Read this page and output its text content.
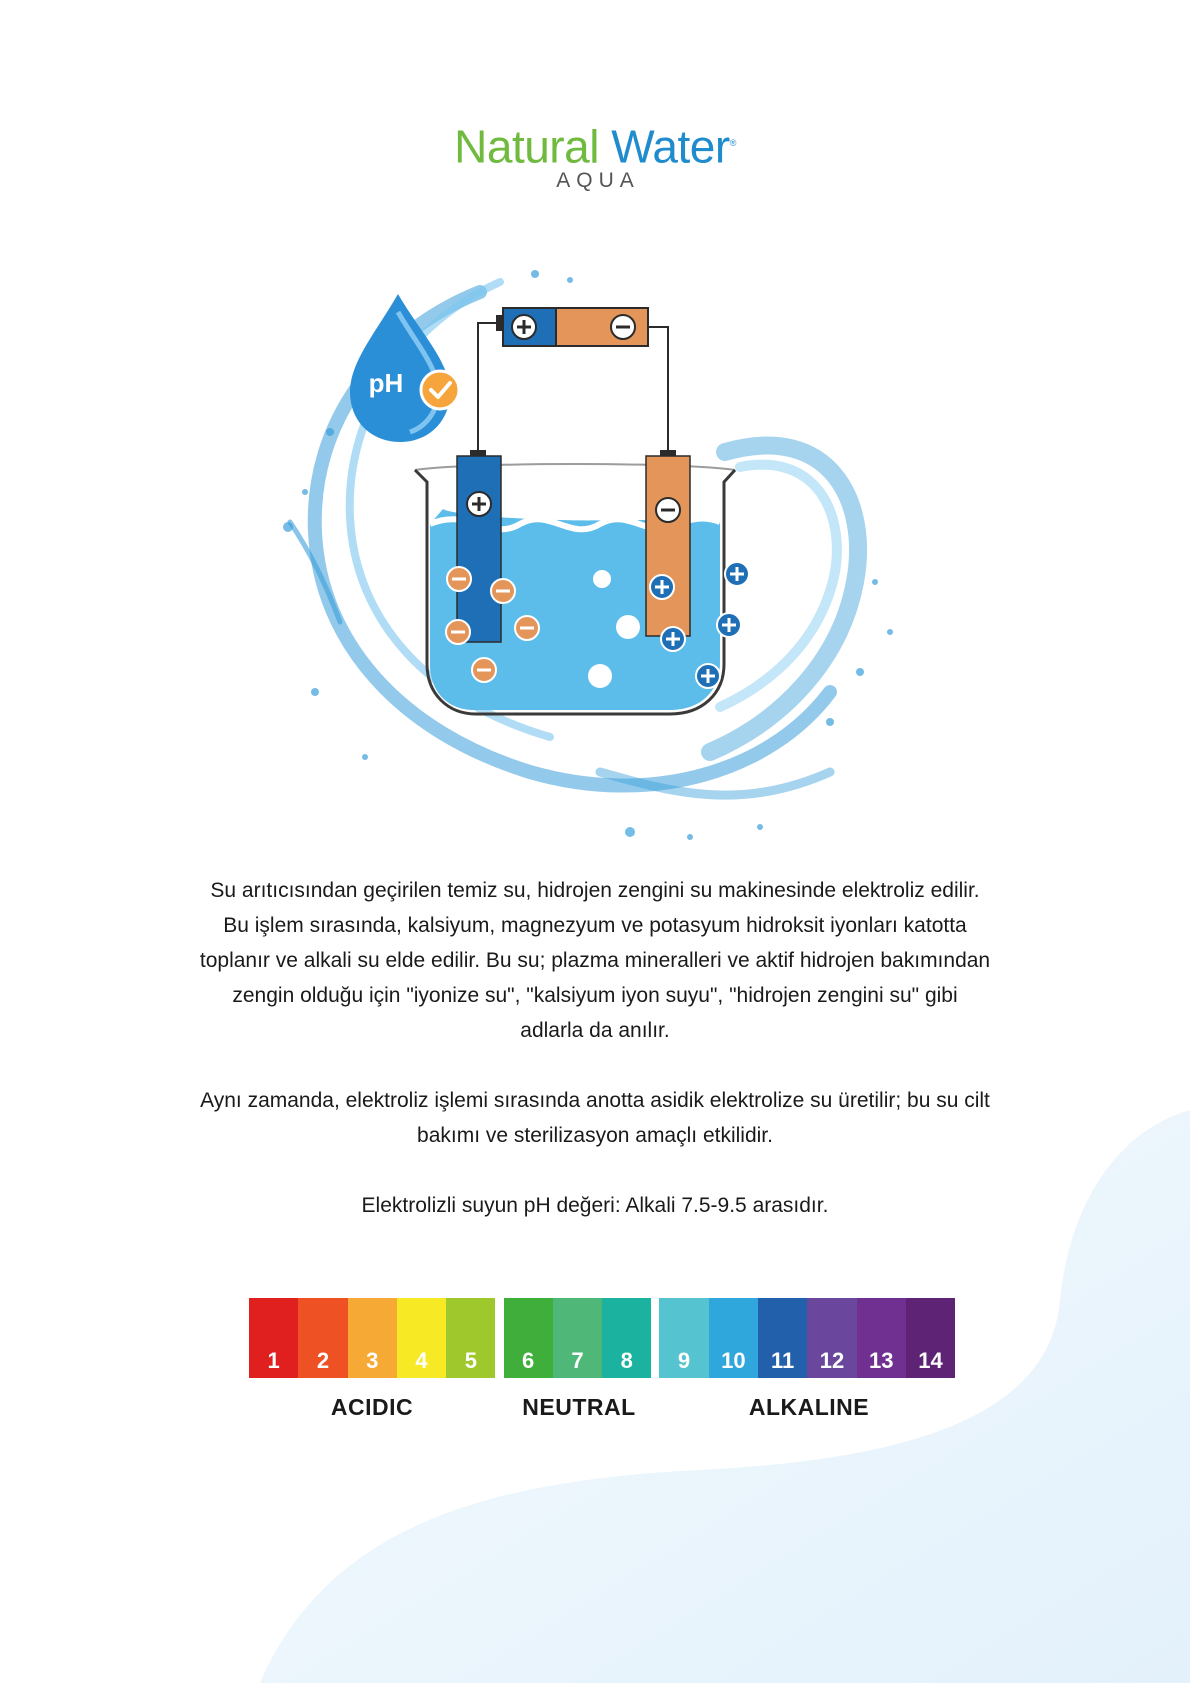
Natural Water®
AQUA
pH
Su arıtıcısından geçirilen temiz su, hidrojen zengini su makinesinde elektroliz edilir.
Bu işlem sırasında, kalsiyum, magnezyum ve potasyum hidroksit iyonları katotta
toplanır ve alkali su elde edilir. Bu su; plazma mineralleri ve aktif hidrojen bakımından
zengin olduğu için "iyonize su", "kalsiyum iyon suyu", "hidrojen zengini su" gibi
adlarla da anılır.
Aynı zamanda, elektroliz işlemi sırasında anotta asidik elektrolize su üretilir; bu su cilt
bakımı ve sterilizasyon amaçlı etkilidir.
Elektrolizli suyun pH değeri: Alkali 7.5-9.5 arasıdır.
1	2	3	4	5	6	7	8	9	10	11	12	13	14
ACIDIC	NEUTRAL	ALKALINE
